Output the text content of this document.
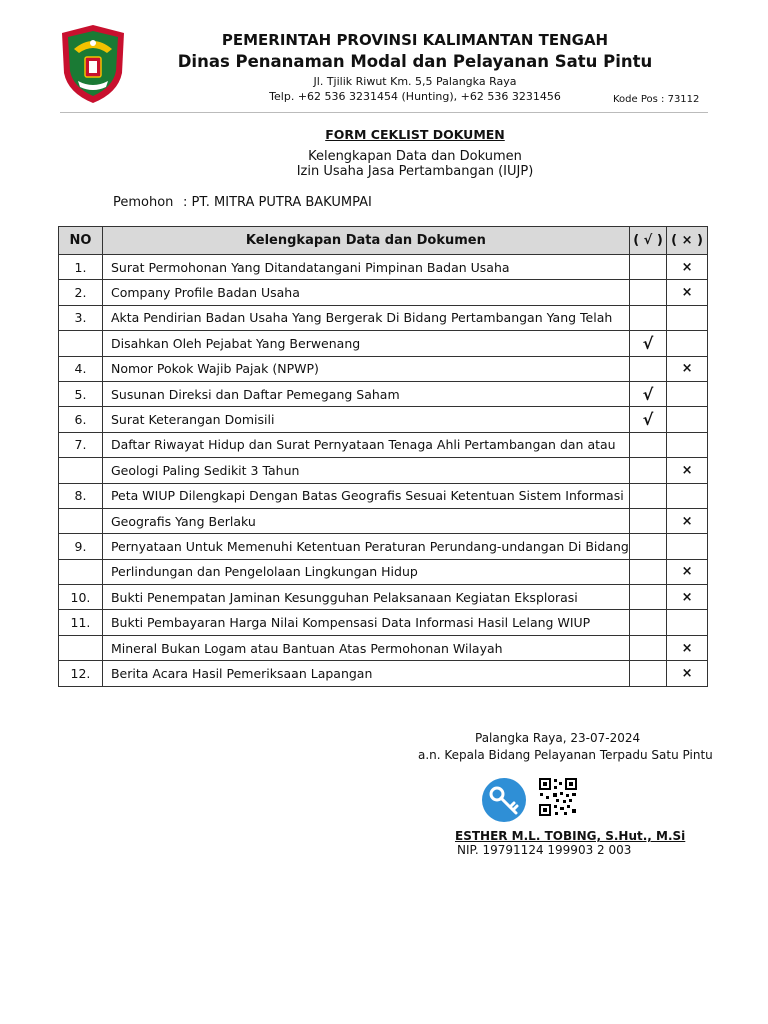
PEMERINTAH PROVINSI KALIMANTAN TENGAH
Dinas Penanaman Modal dan Pelayanan Satu Pintu
Jl. Tjilik Riwut Km. 5,5 Palangka Raya
Telp. +62 536 3231454 (Hunting), +62 536 3231456	Kode Pos : 73112
FORM CEKLIST DOKUMEN
Kelengkapan Data dan Dokumen
Izin Usaha Jasa Pertambangan (IUJP)
Pemohon : PT. MITRA PUTRA BAKUMPAI
NO	Kelengkapan Data dan Dokumen	( √ )	( × )
1.	Surat Permohonan Yang Ditandatangani Pimpinan Badan Usaha		×
2.	Company Profile Badan Usaha		×
3.	Akta Pendirian Badan Usaha Yang Bergerak Di Bidang Pertambangan Yang Telah		
	Disahkan Oleh Pejabat Yang Berwenang	√	
4.	Nomor Pokok Wajib Pajak (NPWP)		×
5.	Susunan Direksi dan Daftar Pemegang Saham	√	
6.	Surat Keterangan Domisili	√	
7.	Daftar Riwayat Hidup dan Surat Pernyataan Tenaga Ahli Pertambangan dan atau		
	Geologi Paling Sedikit 3 Tahun		×
8.	Peta WIUP Dilengkapi Dengan Batas Geografis Sesuai Ketentuan Sistem Informasi		
	Geografis Yang Berlaku		×
9.	Pernyataan Untuk Memenuhi Ketentuan Peraturan Perundang-undangan Di Bidang		
	Perlindungan dan Pengelolaan Lingkungan Hidup		×
10.	Bukti Penempatan Jaminan Kesungguhan Pelaksanaan Kegiatan Eksplorasi		×
11.	Bukti Pembayaran Harga Nilai Kompensasi Data Informasi Hasil Lelang WIUP		
	Mineral Bukan Logam atau Bantuan Atas Permohonan Wilayah		×
12.	Berita Acara Hasil Pemeriksaan Lapangan		×
Palangka Raya, 23-07-2024
a.n. Kepala Bidang Pelayanan Terpadu Satu Pintu
ESTHER M.L. TOBING, S.Hut., M.Si
NIP. 19791124 199903 2 003
